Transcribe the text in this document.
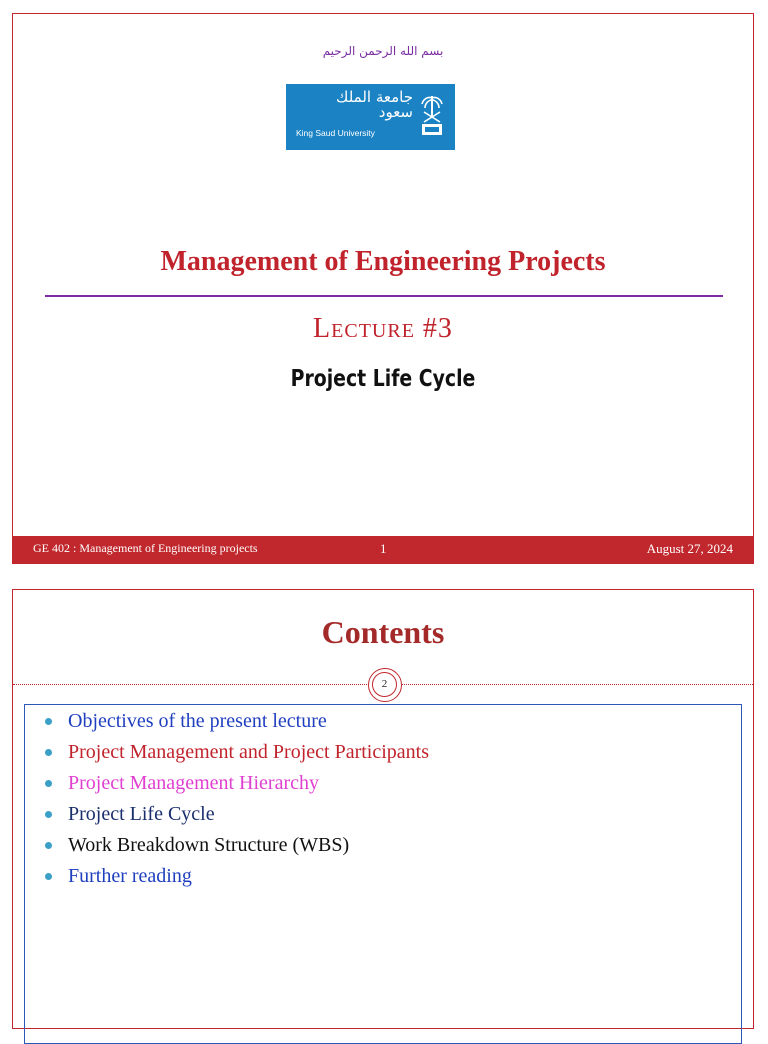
بسم الله الرحمن الرحيم
جامعة الملك سعود
King Saud University
Management of Engineering Projects
Lecture #3
Project Life Cycle
GE 402 : Management of Engineering projects	1	August 27, 2024
Contents
2
Objectives of the present lecture
Project Management and Project Participants
Project Management Hierarchy
Project Life Cycle
Work Breakdown Structure (WBS)
Further reading
